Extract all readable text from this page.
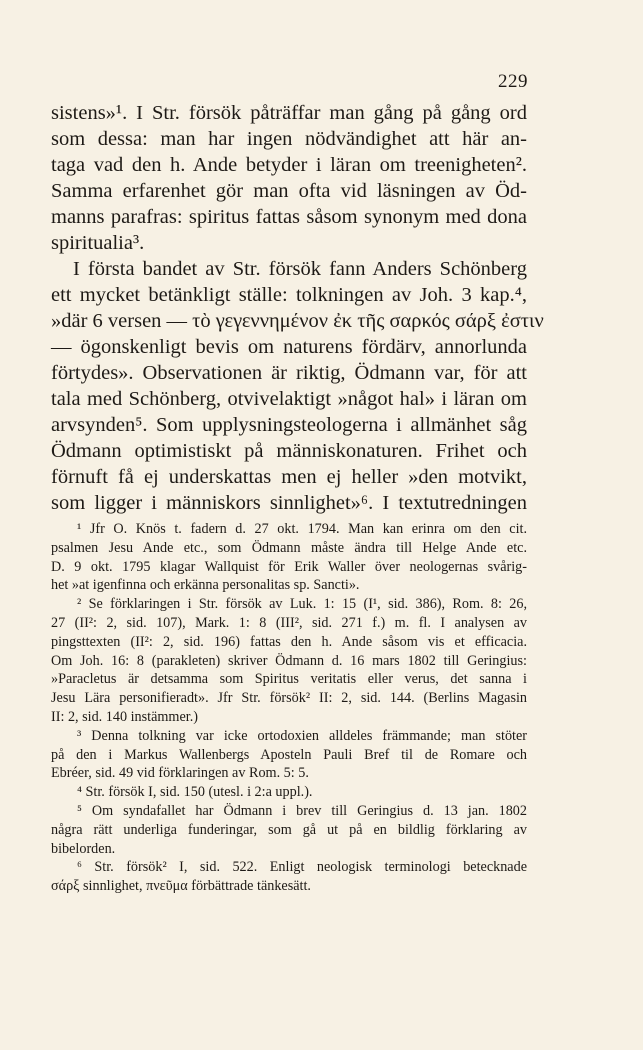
229
sistens»¹. I Str. försök påträffar man gång på gång ord
som dessa: man har ingen nödvändighet att här an-
taga vad den h. Ande betyder i läran om treenigheten².
Samma erfarenhet gör man ofta vid läsningen av Öd-
manns parafras: spiritus fattas såsom synonym med dona
spiritualia³.
I första bandet av Str. försök fann Anders Schönberg
ett mycket betänkligt ställe: tolkningen av Joh. 3 kap.⁴,
»där 6 versen — τὸ γεγεννημένον ἐκ τῆς σαρκός σάρξ ἐστιν
— ögonskenligt bevis om naturens fördärv, annorlunda
förtydes». Observationen är riktig, Ödmann var, för att
tala med Schönberg, otvivelaktigt »något hal» i läran om
arvsynden⁵. Som upplysningsteologerna i allmänhet såg
Ödmann optimistiskt på människonaturen. Frihet och
förnuft få ej underskattas men ej heller »den motvikt,
som ligger i människors sinnlighet»⁶. I textutredningen
¹ Jfr O. Knös t. fadern d. 27 okt. 1794. Man kan erinra om den cit.
psalmen Jesu Ande etc., som Ödmann måste ändra till Helge Ande etc.
D. 9 okt. 1795 klagar Wallquist för Erik Waller över neologernas svårig-
het »at igenfinna och erkänna personalitas sp. Sancti».
² Se förklaringen i Str. försök av Luk. 1: 15 (I¹, sid. 386), Rom. 8: 26,
27 (II²: 2, sid. 107), Mark. 1: 8 (III², sid. 271 f.) m. fl. I analysen av
pingsttexten (II²: 2, sid. 196) fattas den h. Ande såsom vis et efficacia.
Om Joh. 16: 8 (parakleten) skriver Ödmann d. 16 mars 1802 till Geringius:
»Paracletus är detsamma som Spiritus veritatis eller verus, det sanna i
Jesu Lära personifieradt». Jfr Str. försök² II: 2, sid. 144. (Berlins Magasin
II: 2, sid. 140 instämmer.)
³ Denna tolkning var icke ortodoxien alldeles främmande; man stöter
på den i Markus Wallenbergs Aposteln Pauli Bref til de Romare och
Ebréer, sid. 49 vid förklaringen av Rom. 5: 5.
⁴ Str. försök I, sid. 150 (utesl. i 2:a uppl.).
⁵ Om syndafallet har Ödmann i brev till Geringius d. 13 jan. 1802
några rätt underliga funderingar, som gå ut på en bildlig förklaring av
bibelorden.
⁶ Str. försök² I, sid. 522. Enligt neologisk terminologi betecknade
σάρξ sinnlighet, πνεῦμα förbättrade tänkesätt.
